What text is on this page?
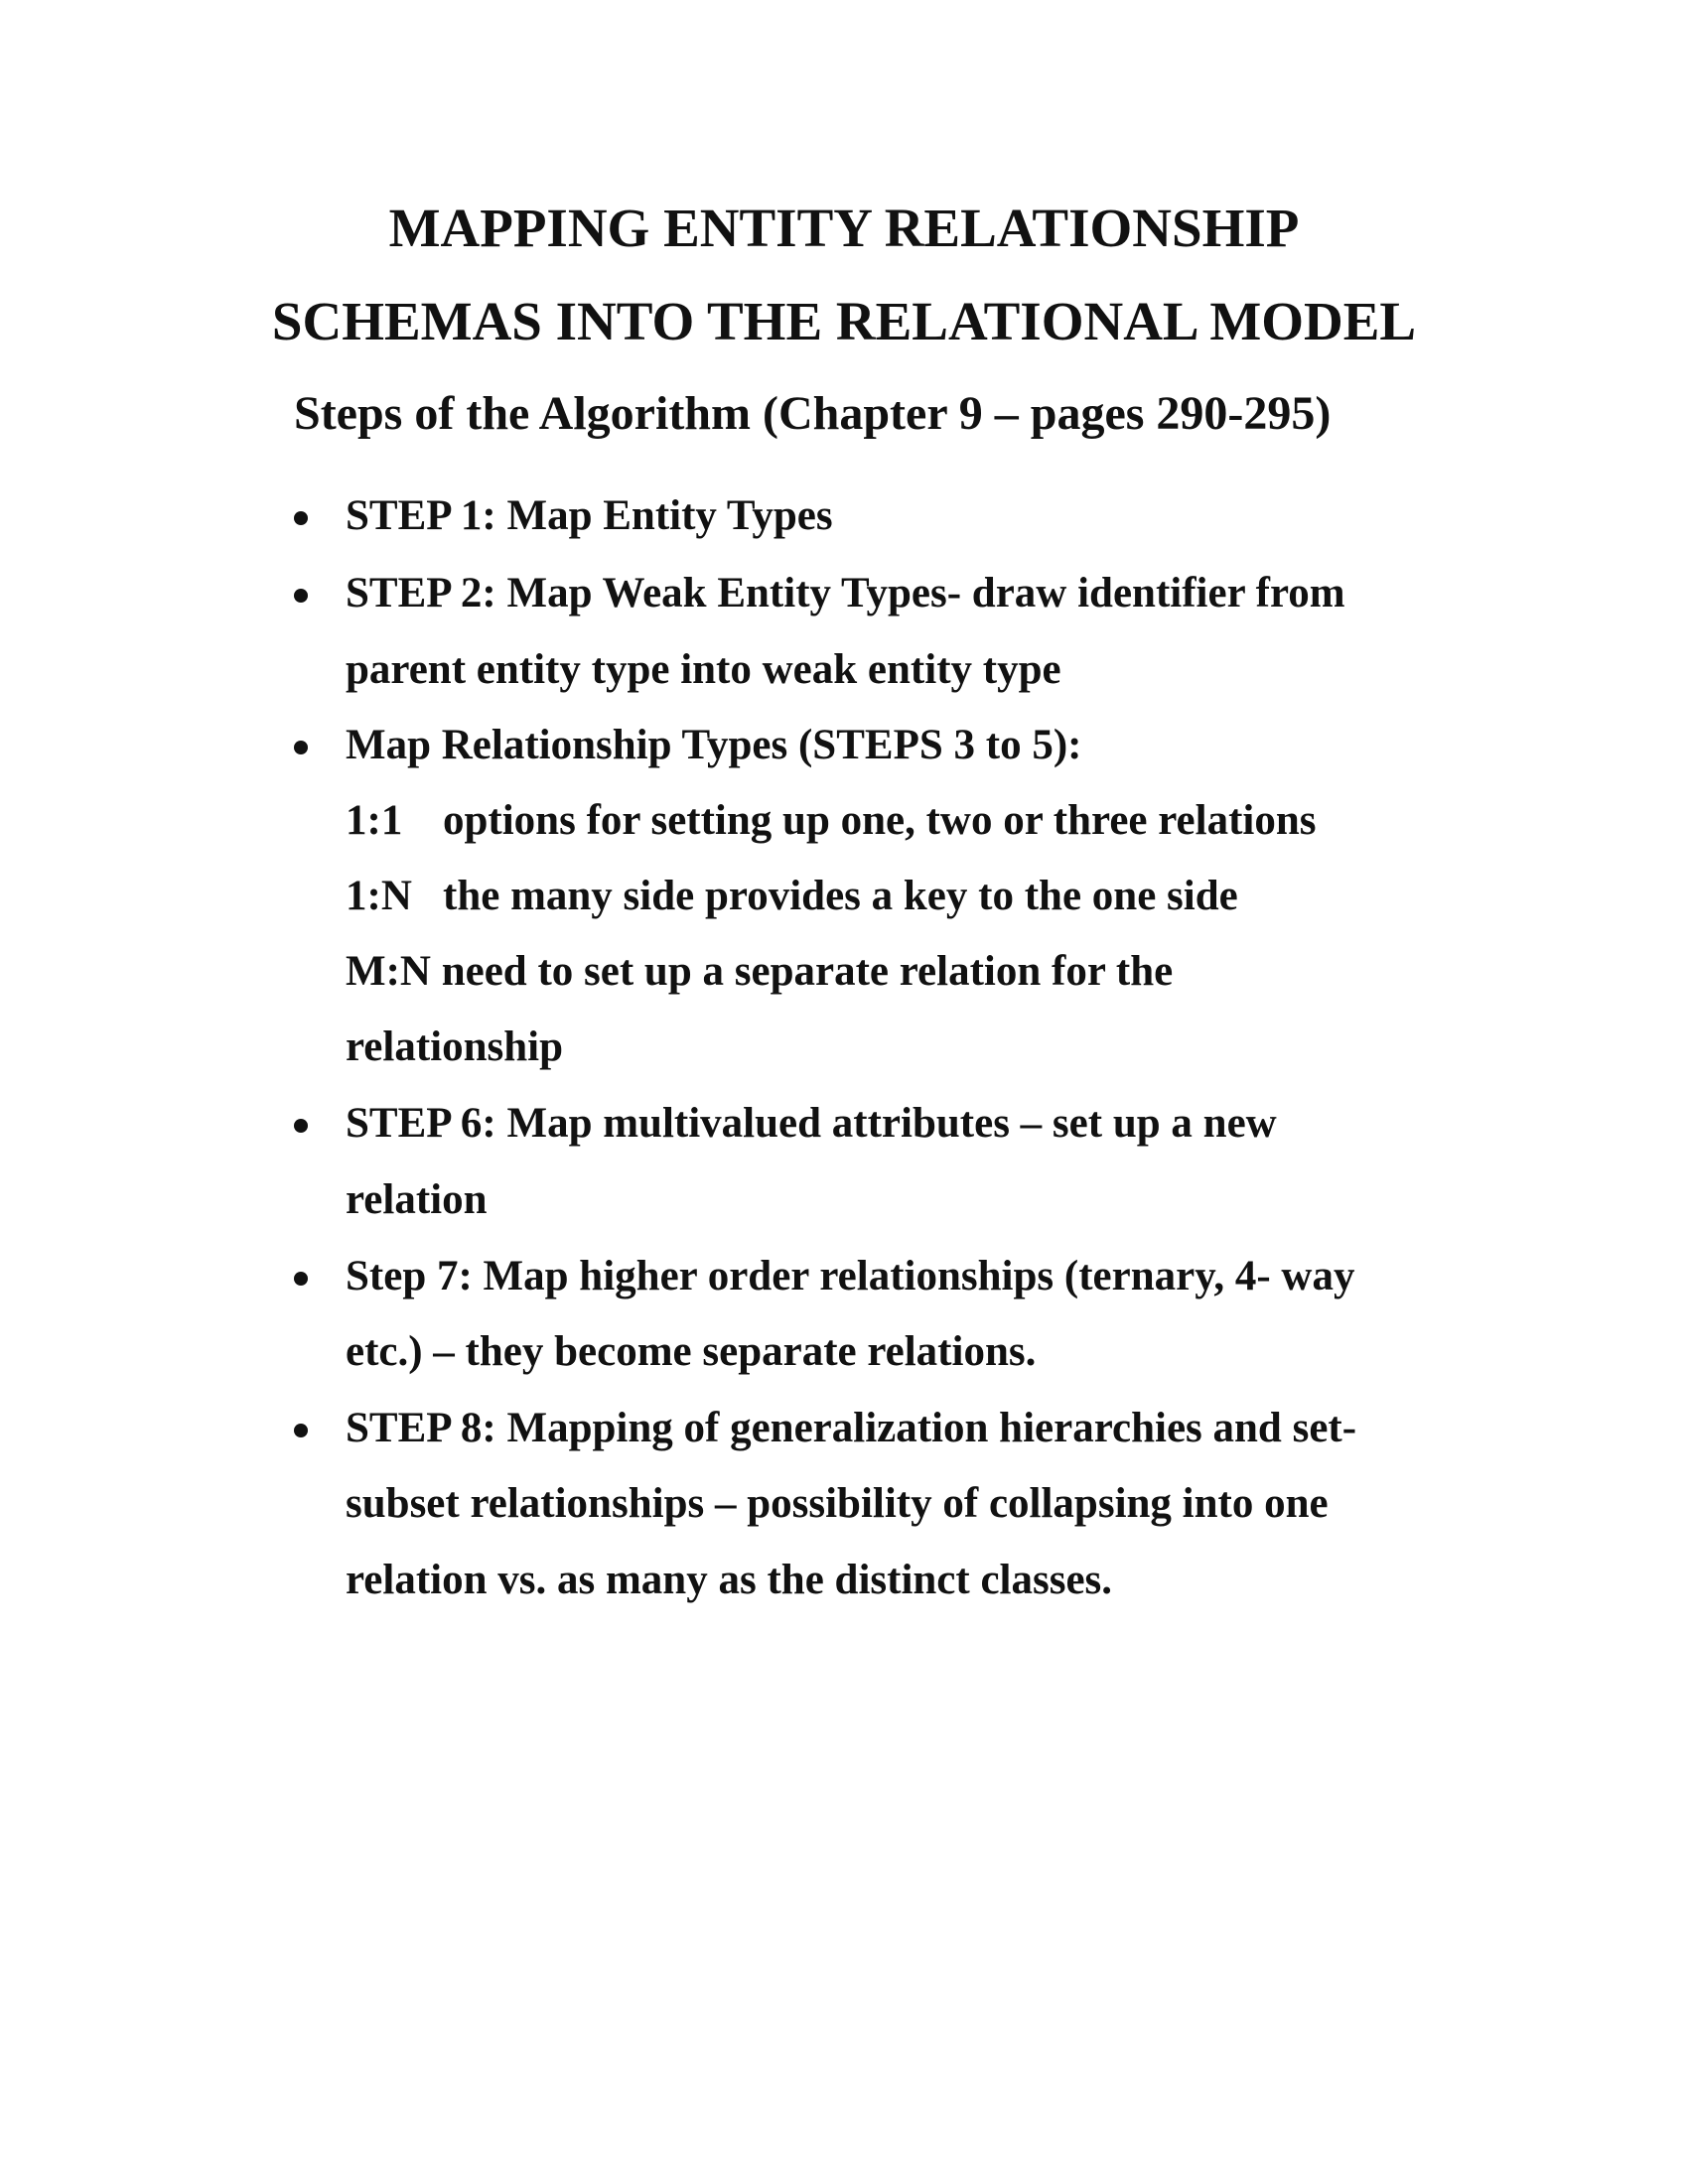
MAPPING ENTITY RELATIONSHIP
SCHEMAS INTO THE RELATIONAL MODEL
Steps of the Algorithm (Chapter 9 – pages 290-295)
STEP 1: Map Entity Types
STEP 2: Map Weak Entity Types- draw identifier from
parent entity type into weak entity type
Map Relationship Types (STEPS 3 to 5):
1:1 options for setting up one, two or three relations
1:N the many side provides a key to the one side
M:N need to set up a separate relation for the
relationship
STEP 6: Map multivalued attributes – set up a new
relation
Step 7: Map higher order relationships (ternary, 4- way
etc.) – they become separate relations.
STEP 8: Mapping of generalization hierarchies and set-
subset relationships – possibility of collapsing into one
relation vs. as many as the distinct classes.
